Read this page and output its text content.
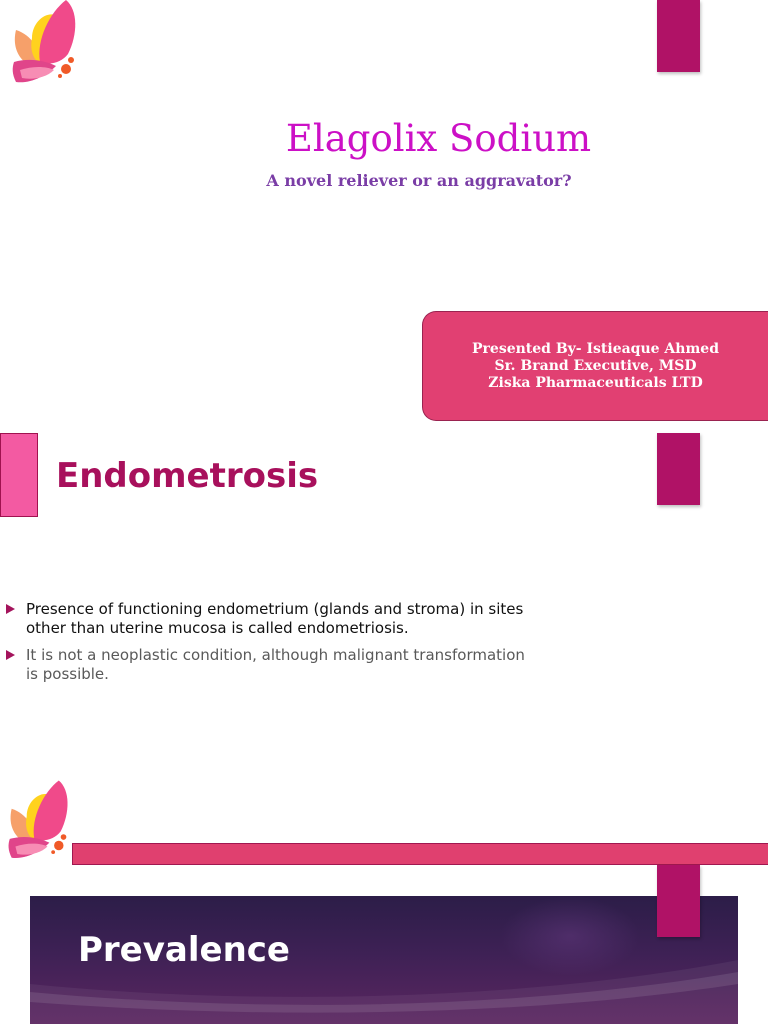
Elagolix Sodium
A novel reliever or an aggravator?
Presented By- Istieaque Ahmed
Sr. Brand Executive, MSD
Ziska Pharmaceuticals LTD
Endometrosis
Presence of functioning endometrium (glands and stroma) in sites other than uterine mucosa is called endometriosis.
It is not a neoplastic condition, although malignant transformation is possible.
Prevalence
